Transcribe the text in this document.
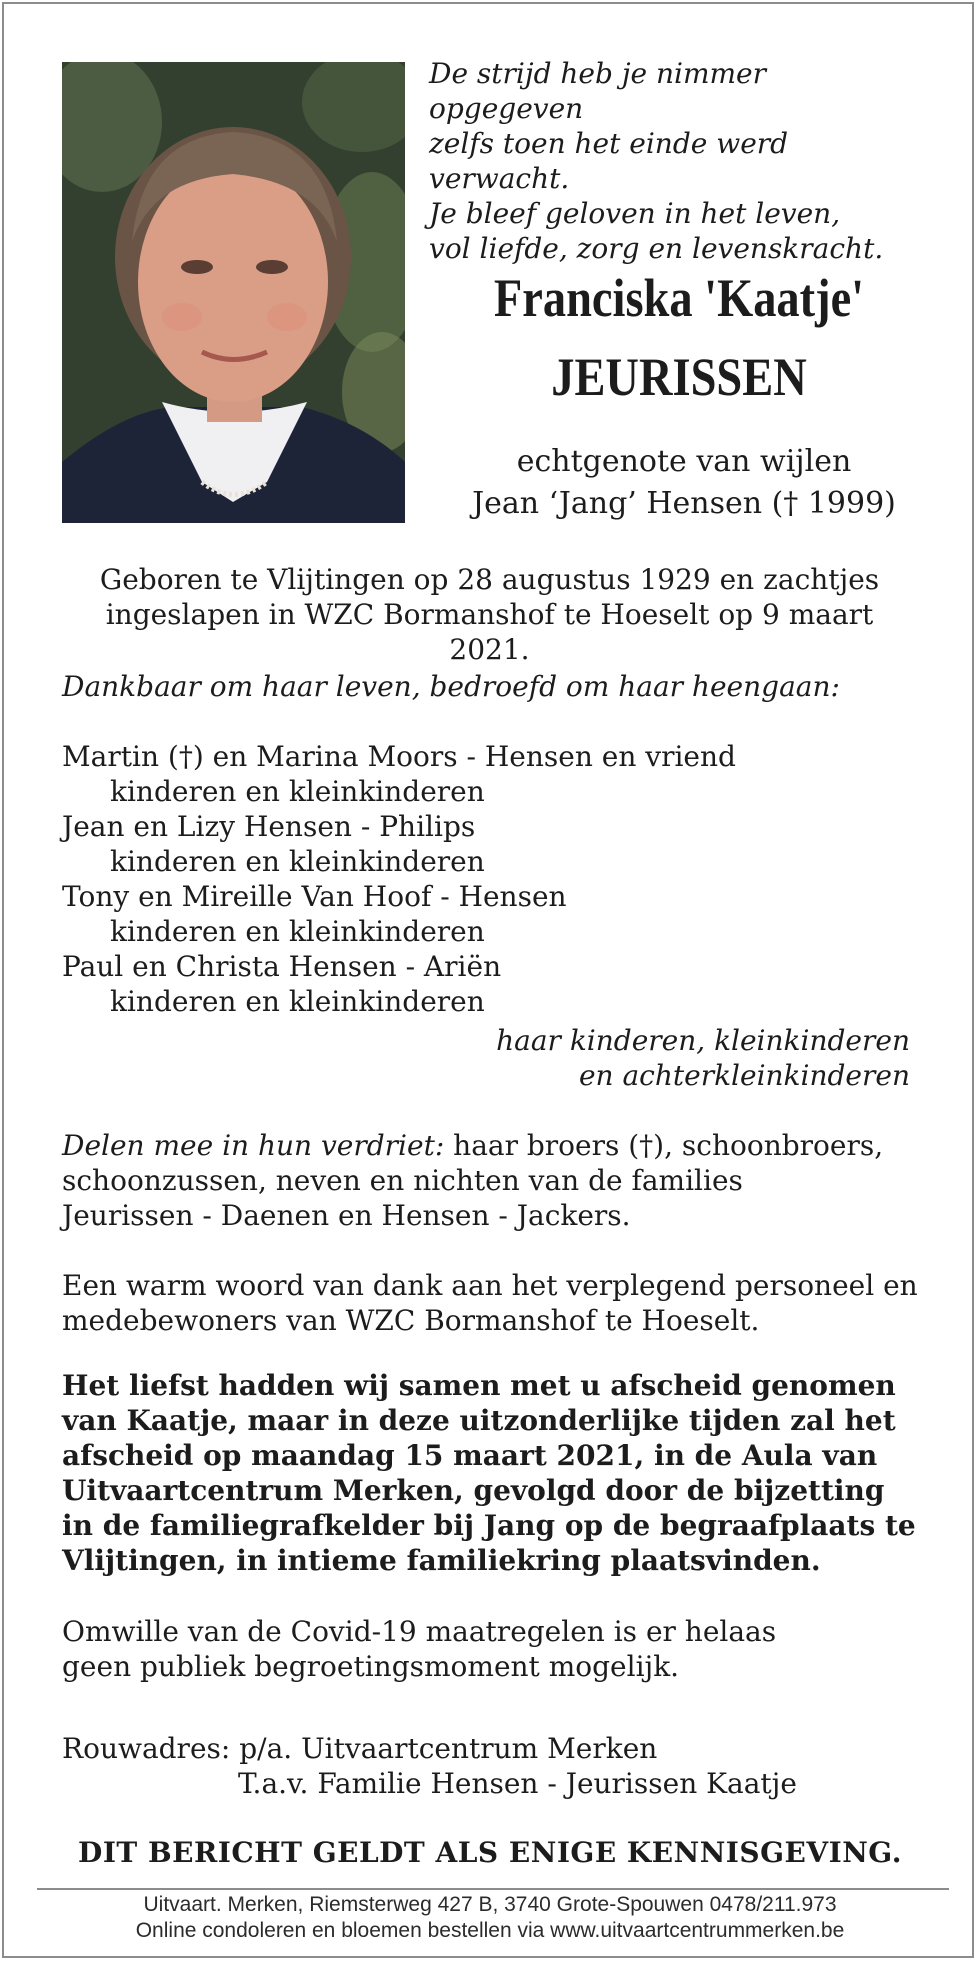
De strijd heb je nimmer opgegeven
zelfs toen het einde werd verwacht.
Je bleef geloven in het leven,
vol liefde, zorg en levenskracht.
Franciska 'Kaatje'
JEURISSEN
echtgenote van wijlen
Jean ‘Jang’ Hensen († 1999)
Geboren te Vlijtingen op 28 augustus 1929 en zachtjes
ingeslapen in WZC Bormanshof te Hoeselt op 9 maart 2021.
Dankbaar om haar leven, bedroefd om haar heengaan:
Martin (†) en Marina Moors - Hensen en vriend
kinderen en kleinkinderen
Jean en Lizy Hensen - Philips
kinderen en kleinkinderen
Tony en Mireille Van Hoof - Hensen
kinderen en kleinkinderen
Paul en Christa Hensen - Ariën
kinderen en kleinkinderen
haar kinderen, kleinkinderen
en achterkleinkinderen
Delen mee in hun verdriet: haar broers (†), schoonbroers,
schoonzussen, neven en nichten van de families
Jeurissen - Daenen en Hensen - Jackers.
Een warm woord van dank aan het verplegend personeel en
medebewoners van WZC Bormanshof te Hoeselt.
Het liefst hadden wij samen met u afscheid genomen
van Kaatje, maar in deze uitzonderlijke tijden zal het
afscheid op maandag 15 maart 2021, in de Aula van
Uitvaartcentrum Merken, gevolgd door de bijzetting
in de familiegrafkelder bij Jang op de begraafplaats te
Vlijtingen, in intieme familiekring plaatsvinden.
Omwille van de Covid-19 maatregelen is er helaas
geen publiek begroetingsmoment mogelijk.
Rouwadres: p/a. Uitvaartcentrum Merken
T.a.v. Familie Hensen - Jeurissen Kaatje
DIT BERICHT GELDT ALS ENIGE KENNISGEVING.
Uitvaart. Merken, Riemsterweg 427 B, 3740 Grote-Spouwen 0478/211.973
Online condoleren en bloemen bestellen via www.uitvaartcentrummerken.be
